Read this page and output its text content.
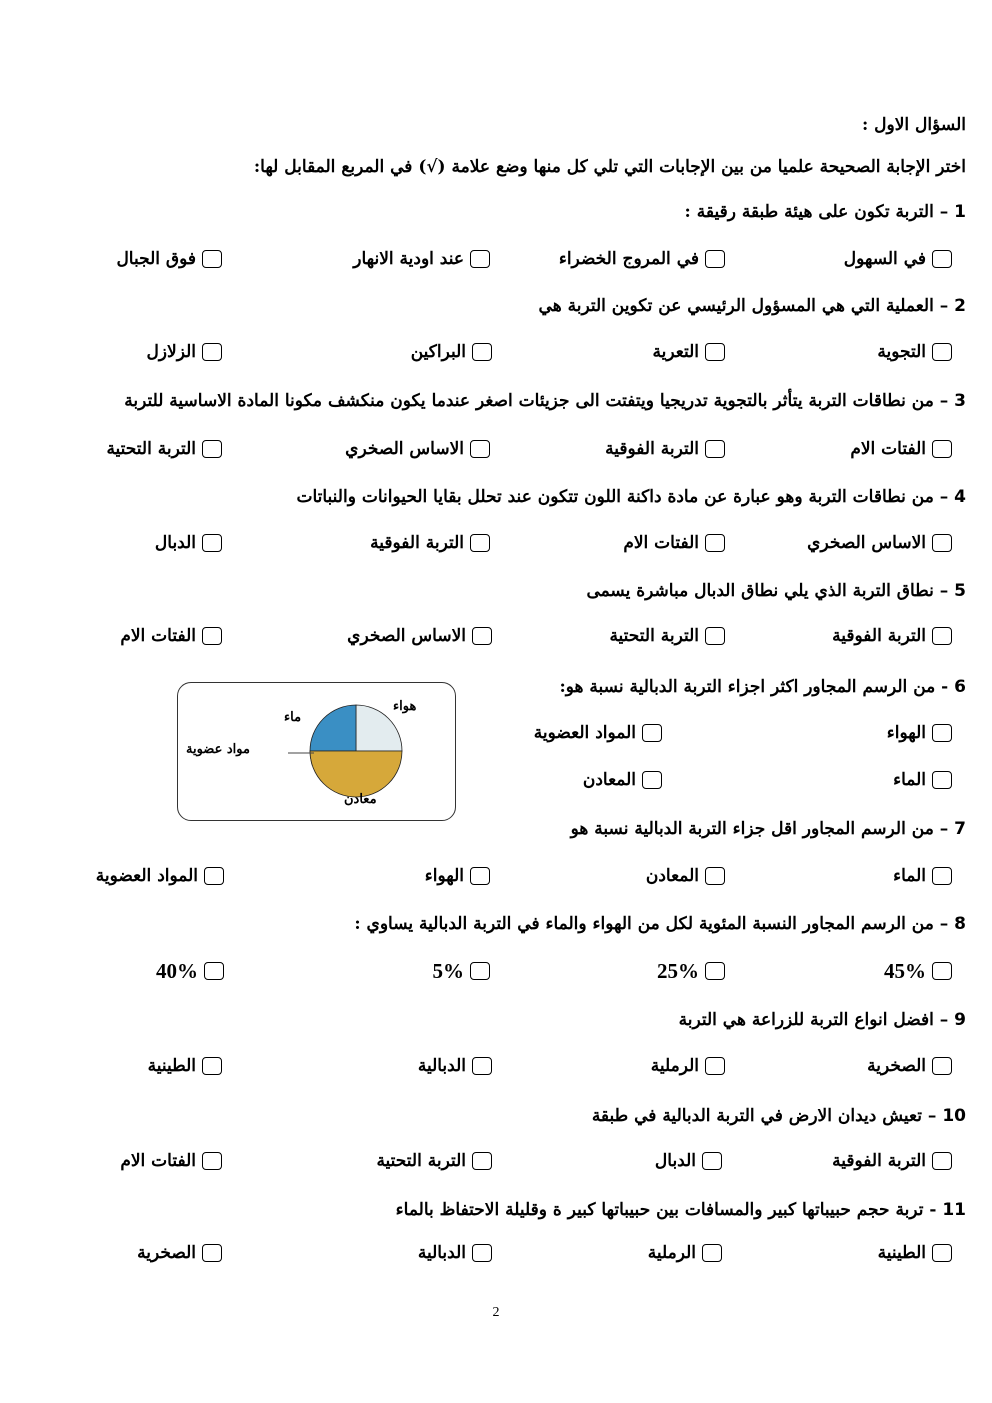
السؤال الاول :
اختر الإجابة الصحيحة علميا من بين الإجابات التي تلي كل منها وضع علامة (√) في المربع المقابل لها:
1 – التربة تكون على هيئة طبقة رقيقة :
في السهول
في المروج الخضراء
عند اودية الانهار
فوق الجبال
2 – العملية التي هي المسؤول الرئيسي عن تكوين التربة هي
التجوية
التعرية
البراكين
الزلازل
3 – من نطاقات التربة يتأثر بالتجوية تدريجيا ويتفتت الى جزيئات اصغر عندما يكون منكشف مكونا المادة الاساسية للتربة
الفتات الام
التربة الفوقية
الاساس الصخري
التربة التحتية
4 – من نطاقات التربة وهو عبارة عن مادة داكنة اللون تتكون عند تحلل بقايا الحيوانات والنباتات
الاساس الصخري
الفتات الام
التربة الفوقية
الدبال
5 – نطاق التربة الذي يلي نطاق الدبال مباشرة يسمى
التربة الفوقية
التربة التحتية
الاساس الصخري
الفتات الام
6 - من الرسم المجاور اكثر اجزاء التربة الدبالية نسبة هو:
الهواء
المواد العضوية
الماء
المعادن
هواء
ماء
مواد عضوية
معادن
7 – من الرسم المجاور اقل جزاء التربة الدبالية نسبة هو
الماء
المعادن
الهواء
المواد العضوية
8 – من الرسم المجاور النسبة المئوية لكل من الهواء والماء في التربة الدبالية يساوي :
45%
25%
5%
40%
9 – افضل انواع التربة للزراعة هي التربة
الصخرية
الرملية
الدبالية
الطينية
10 – تعيش ديدان الارض في التربة الدبالية في طبقة
التربة الفوقية
الدبال
التربة التحتية
الفتات الام
11 - تربة حجم حبيباتها كبير والمسافات بين حبيباتها كبير ة وقليلة الاحتفاظ بالماء
الطينية
الرملية
الدبالية
الصخرية
2
